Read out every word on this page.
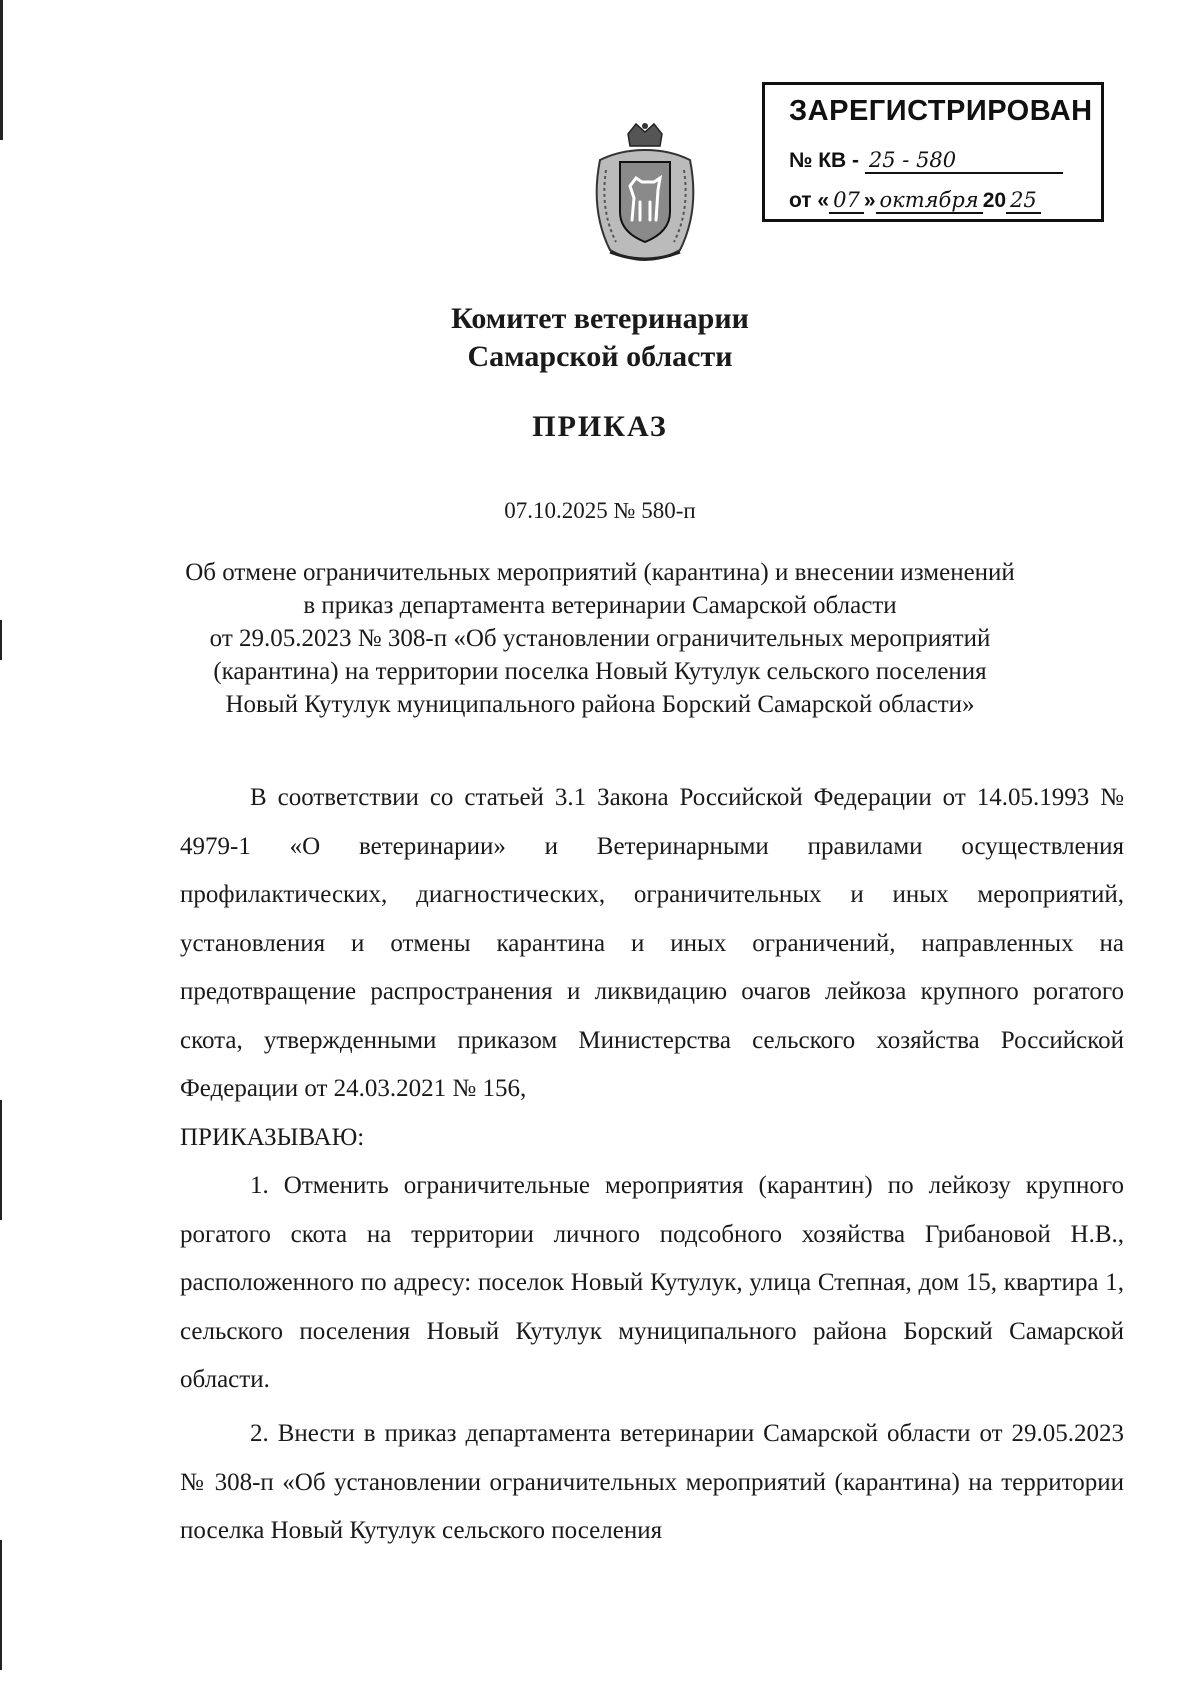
ЗАРЕГИСТРИРОВАН
№ КВ - 25 - 580
от « 07 » октября 20 25
Комитет ветеринарии
Самарской области
ПРИКАЗ
07.10.2025 № 580-п
Об отмене ограничительных мероприятий (карантина) и внесении изменений
в приказ департамента ветеринарии Самарской области
от 29.05.2023 № 308-п «Об установлении ограничительных мероприятий
(карантина) на территории поселка Новый Кутулук сельского поселения
Новый Кутулук муниципального района Борский Самарской области»

В соответствии со статьей 3.1 Закона Российской Федерации от 14.05.1993 № 4979-1 «О ветеринарии» и Ветеринарными правилами осуществления профилактических, диагностических, ограничительных и иных мероприятий, установления и отмены карантина и иных ограничений, направленных на предотвращение распространения и ликвидацию очагов лейкоза крупного рогатого скота, утвержденными приказом Министерства сельского хозяйства Российской Федерации от 24.03.2021 № 156,

ПРИКАЗЫВАЮ:

1. Отменить ограничительные мероприятия (карантин) по лейкозу крупного рогатого скота на территории личного подсобного хозяйства Грибановой Н.В., расположенного по адресу: поселок Новый Кутулук, улица Степная, дом 15, квартира 1, сельского поселения Новый Кутулук муниципального района Борский Самарской области.

2. Внести в приказ департамента ветеринарии Самарской области от 29.05.2023 № 308-п «Об установлении ограничительных мероприятий (карантина) на территории поселка Новый Кутулук сельского поселения
